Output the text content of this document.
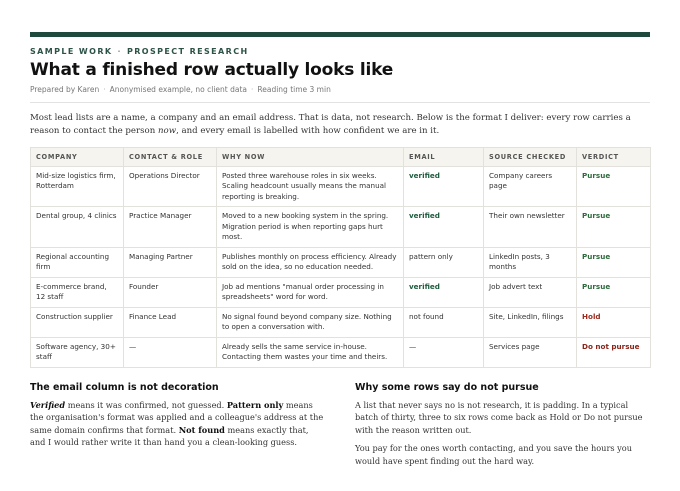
SAMPLE WORK · PROSPECT RESEARCH
What a finished row actually looks like
Prepared by Karen · Anonymised example, no client data · Reading time 3 min

Most lead lists are a name, a company and an email address. That is data, not research. Below is the format I deliver: every row carries a reason to contact the person now, and every email is labelled with how confident we are in it.

COMPANY	CONTACT & ROLE	WHY NOW	EMAIL	SOURCE CHECKED	VERDICT
Mid-size logistics firm, Rotterdam	Operations Director	Posted three warehouse roles in six weeks. Scaling headcount usually means the manual reporting is breaking.	verified	Company careers page	Pursue
Dental group, 4 clinics	Practice Manager	Moved to a new booking system in the spring. Migration period is when reporting gaps hurt most.	verified	Their own newsletter	Pursue
Regional accounting firm	Managing Partner	Publishes monthly on process efficiency. Already sold on the idea, so no education needed.	pattern only	LinkedIn posts, 3 months	Pursue
E-commerce brand, 12 staff	Founder	Job ad mentions "manual order processing in spreadsheets" word for word.	verified	Job advert text	Pursue
Construction supplier	Finance Lead	No signal found beyond company size. Nothing to open a conversation with.	not found	Site, LinkedIn, filings	Hold
Software agency, 30+ staff	—	Already sells the same service in-house. Contacting them wastes your time and theirs.	—	Services page	Do not pursue
The email column is not decoration

Verified means it was confirmed, not guessed. Pattern only means the organisation's format was applied and a colleague's address at the same domain confirms that format. Not found means exactly that, and I would rather write it than hand you a clean-looking guess.

Why some rows say do not pursue

A list that never says no is not research, it is padding. In a typical batch of thirty, three to six rows come back as Hold or Do not pursue with the reason written out.

You pay for the ones worth contacting, and you save the hours you would have spent finding out the hard way.
